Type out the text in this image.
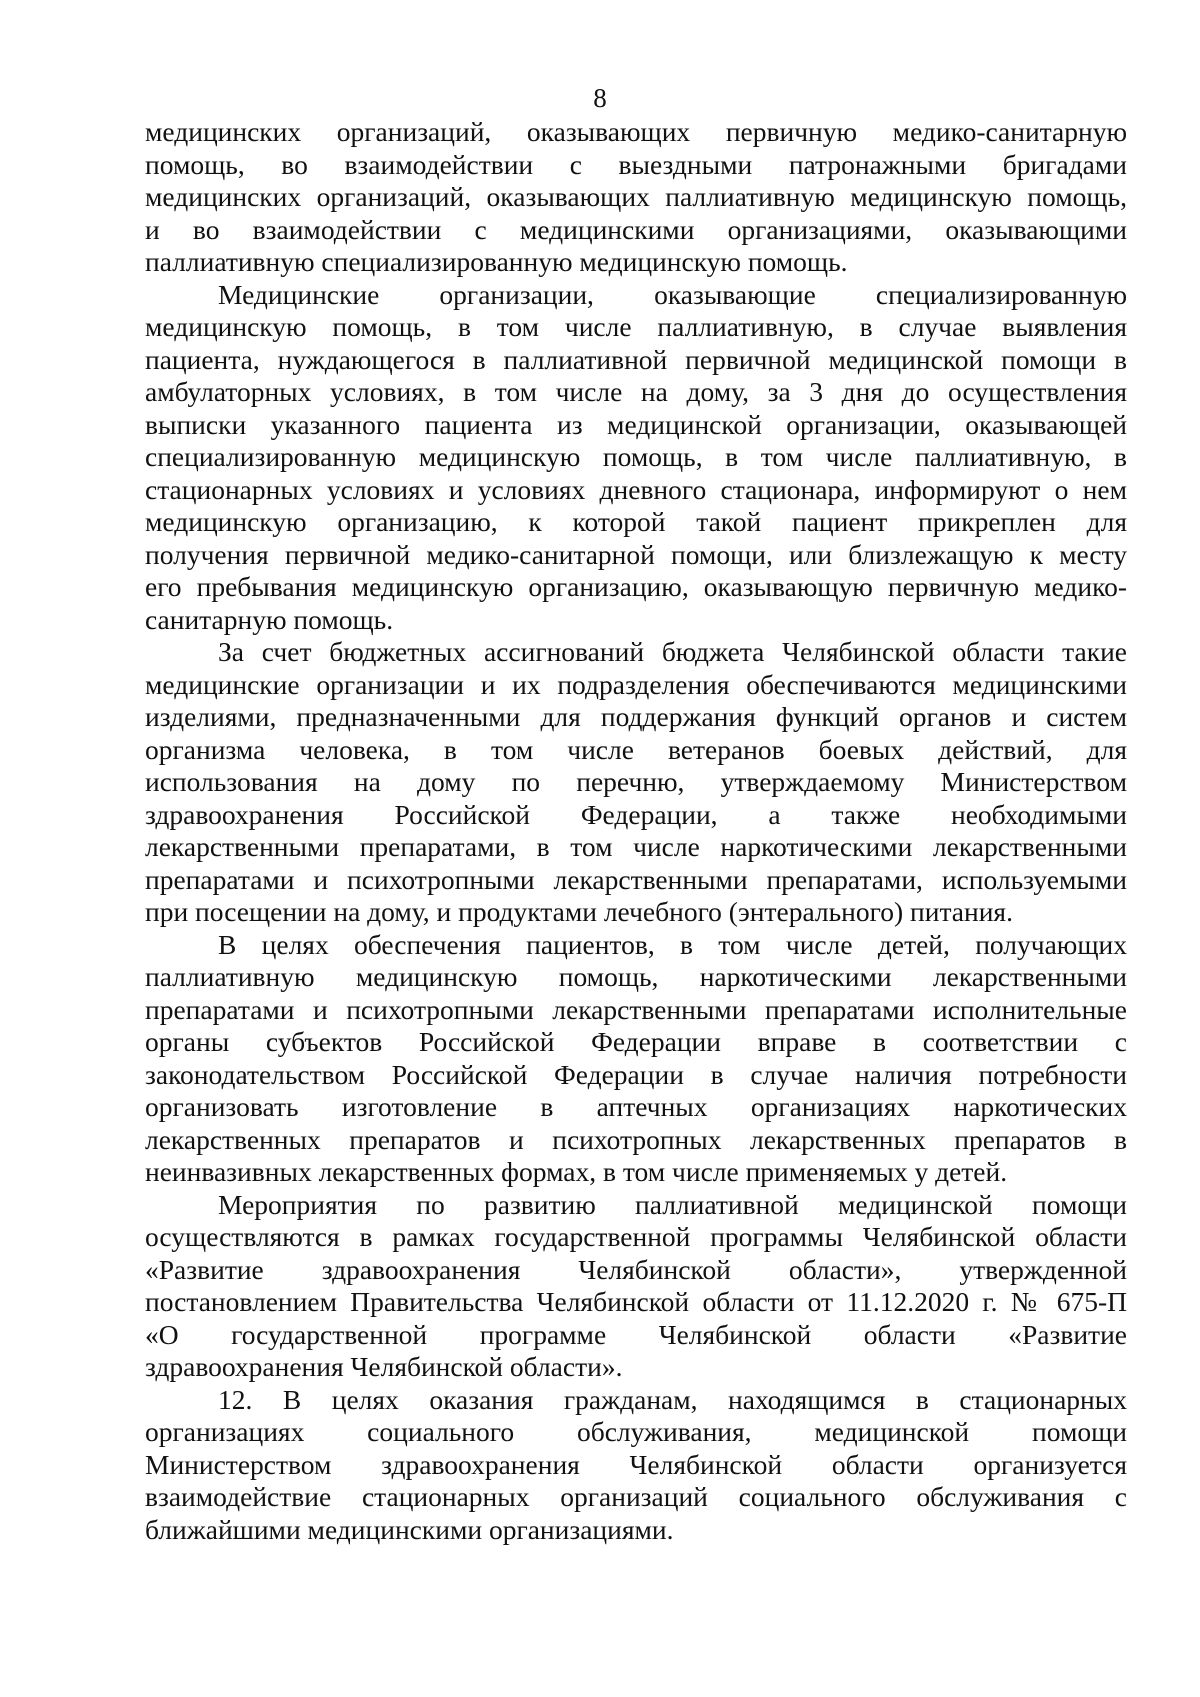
8
медицинских организаций, оказывающих первичную медико-санитарную
помощь, во взаимодействии с выездными патронажными бригадами
медицинских организаций, оказывающих паллиативную медицинскую помощь,
и во взаимодействии с медицинскими организациями, оказывающими
паллиативную специализированную медицинскую помощь.
Медицинские организации, оказывающие специализированную
медицинскую помощь, в том числе паллиативную, в случае выявления
пациента, нуждающегося в паллиативной первичной медицинской помощи в
амбулаторных условиях, в том числе на дому, за 3 дня до осуществления
выписки указанного пациента из медицинской организации, оказывающей
специализированную медицинскую помощь, в том числе паллиативную, в
стационарных условиях и условиях дневного стационара, информируют о нем
медицинскую организацию, к которой такой пациент прикреплен для
получения первичной медико-санитарной помощи, или близлежащую к месту
его пребывания медицинскую организацию, оказывающую первичную медико-
санитарную помощь.
За счет бюджетных ассигнований бюджета Челябинской области такие
медицинские организации и их подразделения обеспечиваются медицинскими
изделиями, предназначенными для поддержания функций органов и систем
организма человека, в том числе ветеранов боевых действий, для
использования на дому по перечню, утверждаемому Министерством
здравоохранения Российской Федерации, а также необходимыми
лекарственными препаратами, в том числе наркотическими лекарственными
препаратами и психотропными лекарственными препаратами, используемыми
при посещении на дому, и продуктами лечебного (энтерального) питания.
В целях обеспечения пациентов, в том числе детей, получающих
паллиативную медицинскую помощь, наркотическими лекарственными
препаратами и психотропными лекарственными препаратами исполнительные
органы субъектов Российской Федерации вправе в соответствии с
законодательством Российской Федерации в случае наличия потребности
организовать изготовление в аптечных организациях наркотических
лекарственных препаратов и психотропных лекарственных препаратов в
неинвазивных лекарственных формах, в том числе применяемых у детей.
Мероприятия по развитию паллиативной медицинской помощи
осуществляются в рамках государственной программы Челябинской области
«Развитие здравоохранения Челябинской области», утвержденной
постановлением Правительства Челябинской области от 11.12.2020 г. № 675-П
«О государственной программе Челябинской области «Развитие
здравоохранения Челябинской области».
12. В целях оказания гражданам, находящимся в стационарных
организациях социального обслуживания, медицинской помощи
Министерством здравоохранения Челябинской области организуется
взаимодействие стационарных организаций социального обслуживания с
ближайшими медицинскими организациями.
